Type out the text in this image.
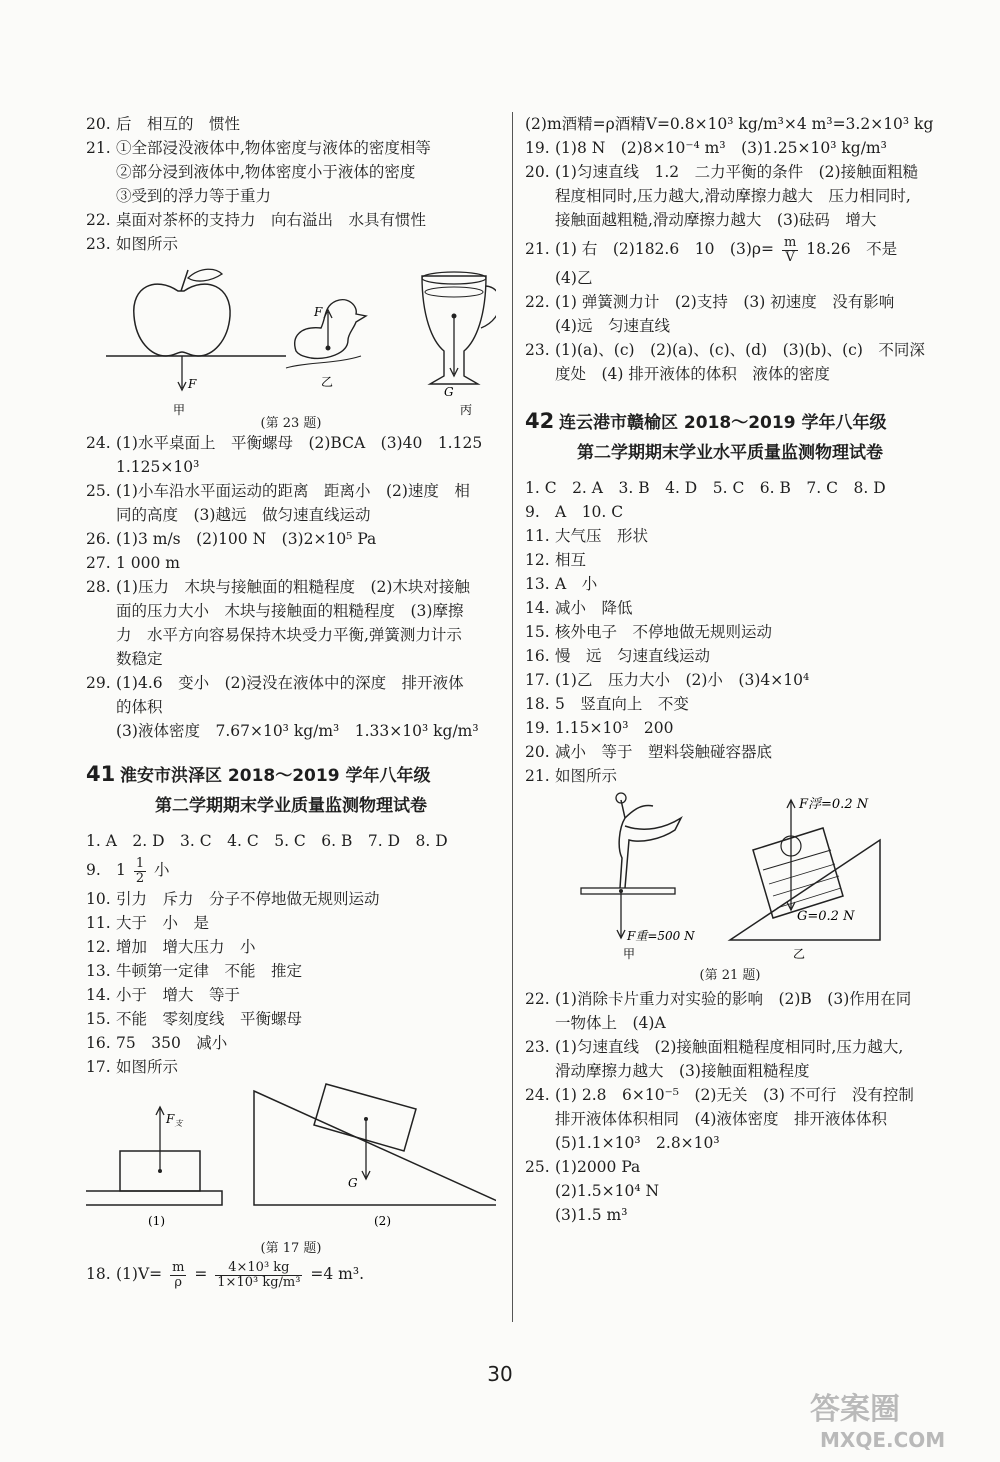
20. 后　相互的　惯性
21. ①全部浸没液体中,物体密度与液体的密度相等
②部分浸到液体中,物体密度小于液体的密度
③受到的浮力等于重力
22. 桌面对茶杯的支持力　向右溢出　水具有惯性
23. 如图所示
F
甲
F
乙
G
丙
(第 23 题)
24. (1)水平桌面上　平衡螺母　(2)BCA　(3)40　1.125
1.125×10³
25. (1)小车沿水平面运动的距离　距离小　(2)速度　相
同的高度　(3)越远　做匀速直线运动
26. (1)3 m/s　(2)100 N　(3)2×10⁵ Pa
27. 1 000 m
28. (1)压力　木块与接触面的粗糙程度　(2)木块对接触
面的压力大小　木块与接触面的粗糙程度　(3)摩擦
力　水平方向容易保持木块受力平衡,弹簧测力计示
数稳定
29. (1)4.6　变小　(2)浸没在液体中的深度　排开液体
的体积
(3)液体密度　7.67×10³ kg/m³　1.33×10³ kg/m³
41 淮安市洪泽区 2018～2019 学年八年级
第二学期期末学业质量监测物理试卷
1. A　2. D　3. C　4. C　5. C　6. B　7. D　8. D
9. $1 \frac{1}{2}$ 小
10. 引力　斥力　分子不停地做无规则运动
11. 大于　小　是
12. 增加　增大压力　小
13. 牛顿第一定律　不能　推定
14. 小于　增大　等于
15. 不能　零刻度线　平衡螺母
16. 75　350　减小
17. 如图所示
$F_支$
(1)
G
(2)
(第 17 题)
18. $(1)V= \frac{m}{\rho} = \frac{\text{4×10³ kg}}{\text{1×10³ kg/m³}} =4$ m³.
(2)m酒精=ρ酒精V=0.8×10³ kg/m³×4 m³=3.2×10³ kg
19. (1)8 N　(2)8×10⁻⁴ m³　(3)1.25×10³ kg/m³
20. (1)匀速直线　1.2　二力平衡的条件　(2)接触面粗糙
程度相同时,压力越大,滑动摩擦力越大　压力相同时,
接触面越粗糙,滑动摩擦力越大　(3)砝码　增大
21. (1) 右　(2)182.6　10　$(3)\rho= \frac{m}{V} 18.26$　不是
(4)乙
22. (1) 弹簧测力计　(2)支持　(3) 初速度　没有影响
(4)远　匀速直线
23. (1)(a)、(c)　(2)(a)、(c)、(d)　(3)(b)、(c)　不同深
度处　(4) 排开液体的体积　液体的密度
42 连云港市赣榆区 2018～2019 学年八年级
第二学期期末学业水平质量监测物理试卷
1. C　2. A　3. B　4. D　5. C　6. B　7. C　8. D
9. A　10. C
11. 大气压　形状
12. 相互
13. A　小
14. 减小　降低
15. 核外电子　不停地做无规则运动
16. 慢　远　匀速直线运动
17. (1)乙　压力大小　(2)小　(3)4×10⁴
18. 5　竖直向上　不变
19. 1.15×10³　200
20. 减小　等于　塑料袋触碰容器底
21. 如图所示
F重=500 N
甲
F浮=0.2 N
G=0.2 N
乙
(第 21 题)
22. (1)消除卡片重力对实验的影响　(2)B　(3)作用在同
一物体上　(4)A
23. (1)匀速直线　(2)接触面粗糙程度相同时,压力越大,
滑动摩擦力越大　(3)接触面粗糙程度
24. (1) 2.8　6×10⁻⁵　(2)无关　(3) 不可行　没有控制
排开液体体积相同　(4)液体密度　排开液体体积
(5)1.1×10³　2.8×10³
25. (1)2000 Pa
(2)1.5×10⁴ N
(3)1.5 m³
30
答案圈
MXQE.COM
